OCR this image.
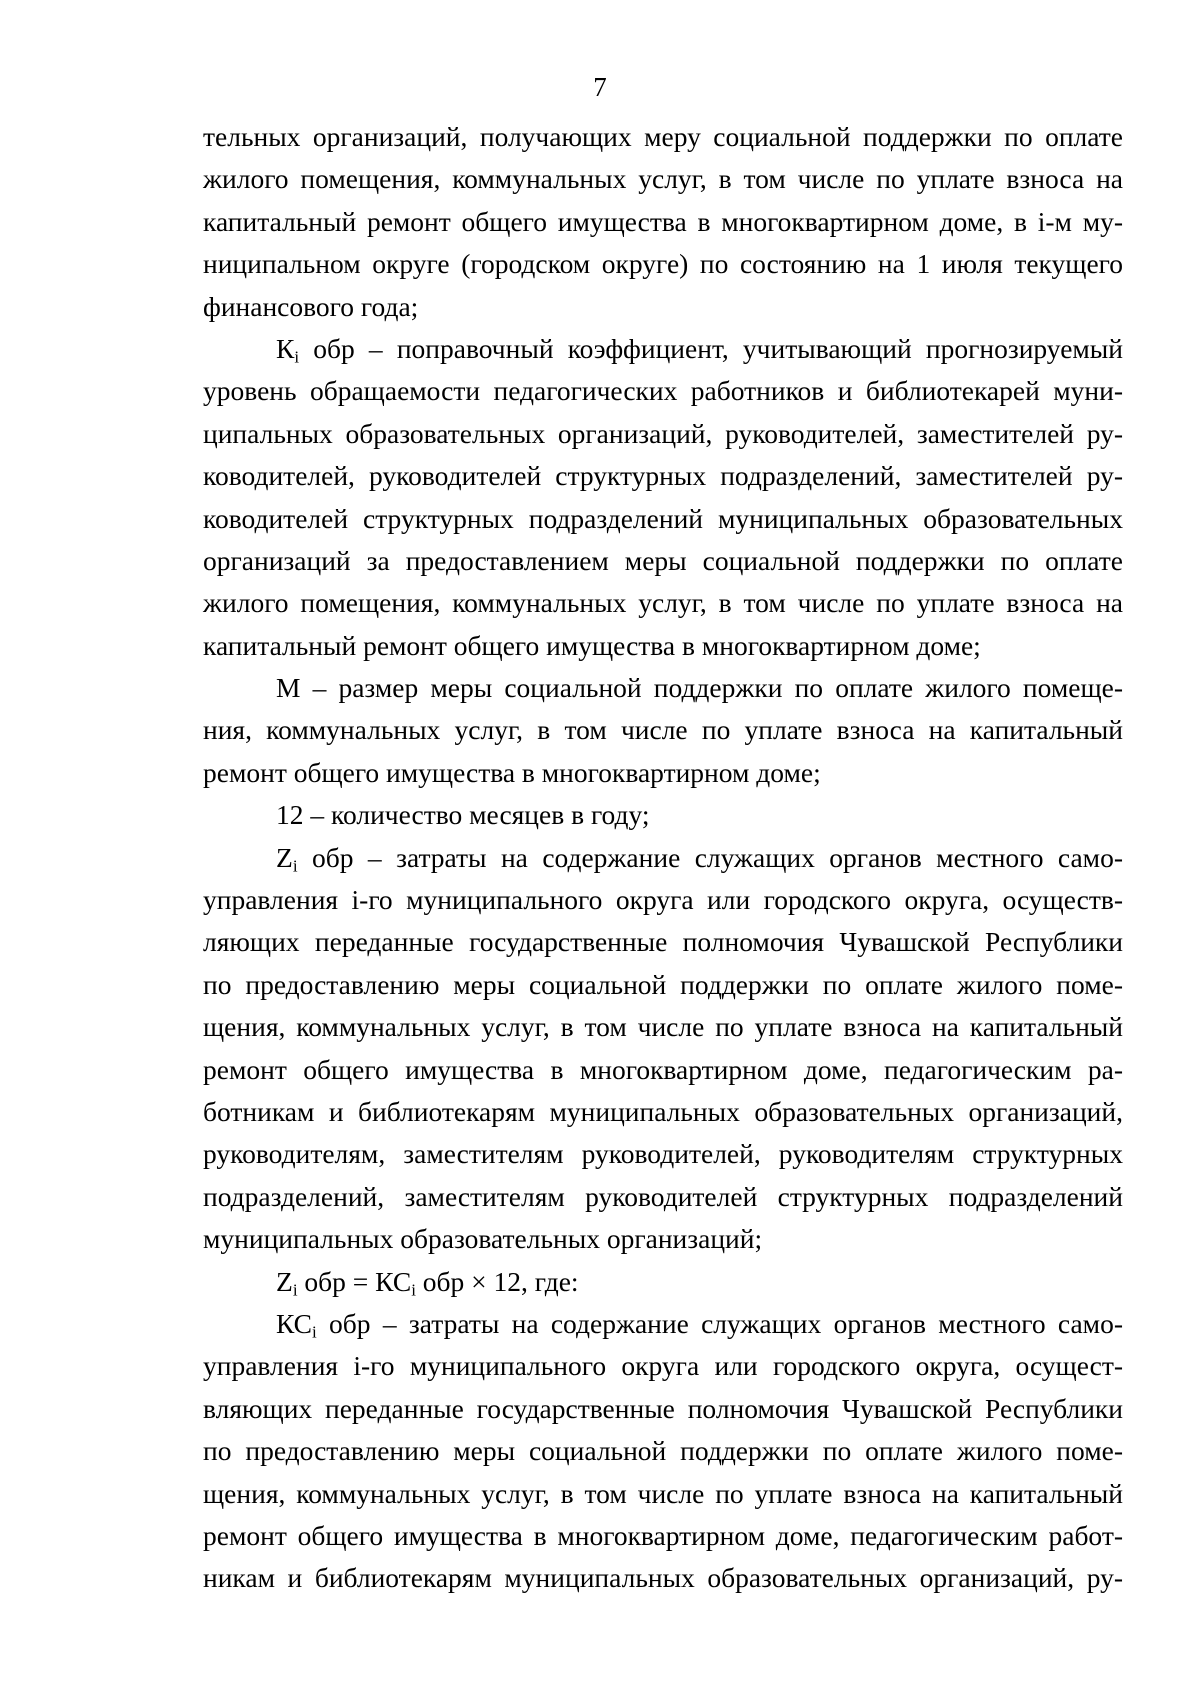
7
тельных организаций, получающих меру социальной поддержки по оплате
жилого помещения, коммунальных услуг, в том числе по уплате взноса на
капитальный ремонт общего имущества в многоквартирном доме, в i-м му-
ниципальном округе (городском округе) по состоянию на 1 июля текущего
финансового года;
$К_i$ обр – поправочный коэффициент, учитывающий прогнозируемый
уровень обращаемости педагогических работников и библиотекарей муни-
ципальных образовательных организаций, руководителей, заместителей ру-
ководителей, руководителей структурных подразделений, заместителей ру-
ководителей структурных подразделений муниципальных образовательных
организаций за предоставлением меры социальной поддержки по оплате
жилого помещения, коммунальных услуг, в том числе по уплате взноса на
капитальный ремонт общего имущества в многоквартирном доме;
М – размер меры социальной поддержки по оплате жилого помеще-
ния, коммунальных услуг, в том числе по уплате взноса на капитальный
ремонт общего имущества в многоквартирном доме;
12 – количество месяцев в году;
$Z_i$ обр – затраты на содержание служащих органов местного само-
управления i-го муниципального округа или городского округа, осуществ-
ляющих переданные государственные полномочия Чувашской Республики
по предоставлению меры социальной поддержки по оплате жилого поме-
щения, коммунальных услуг, в том числе по уплате взноса на капитальный
ремонт общего имущества в многоквартирном доме, педагогическим ра-
ботникам и библиотекарям муниципальных образовательных организаций,
руководителям, заместителям руководителей, руководителям структурных
подразделений, заместителям руководителей структурных подразделений
муниципальных образовательных организаций;
$Z_i$ обр = $КС_i$ обр × 12, где:
$КС_i$ обр – затраты на содержание служащих органов местного само-
управления i-го муниципального округа или городского округа, осущест-
вляющих переданные государственные полномочия Чувашской Республики
по предоставлению меры социальной поддержки по оплате жилого поме-
щения, коммунальных услуг, в том числе по уплате взноса на капитальный
ремонт общего имущества в многоквартирном доме, педагогическим работ-
никам и библиотекарям муниципальных образовательных организаций, ру-
